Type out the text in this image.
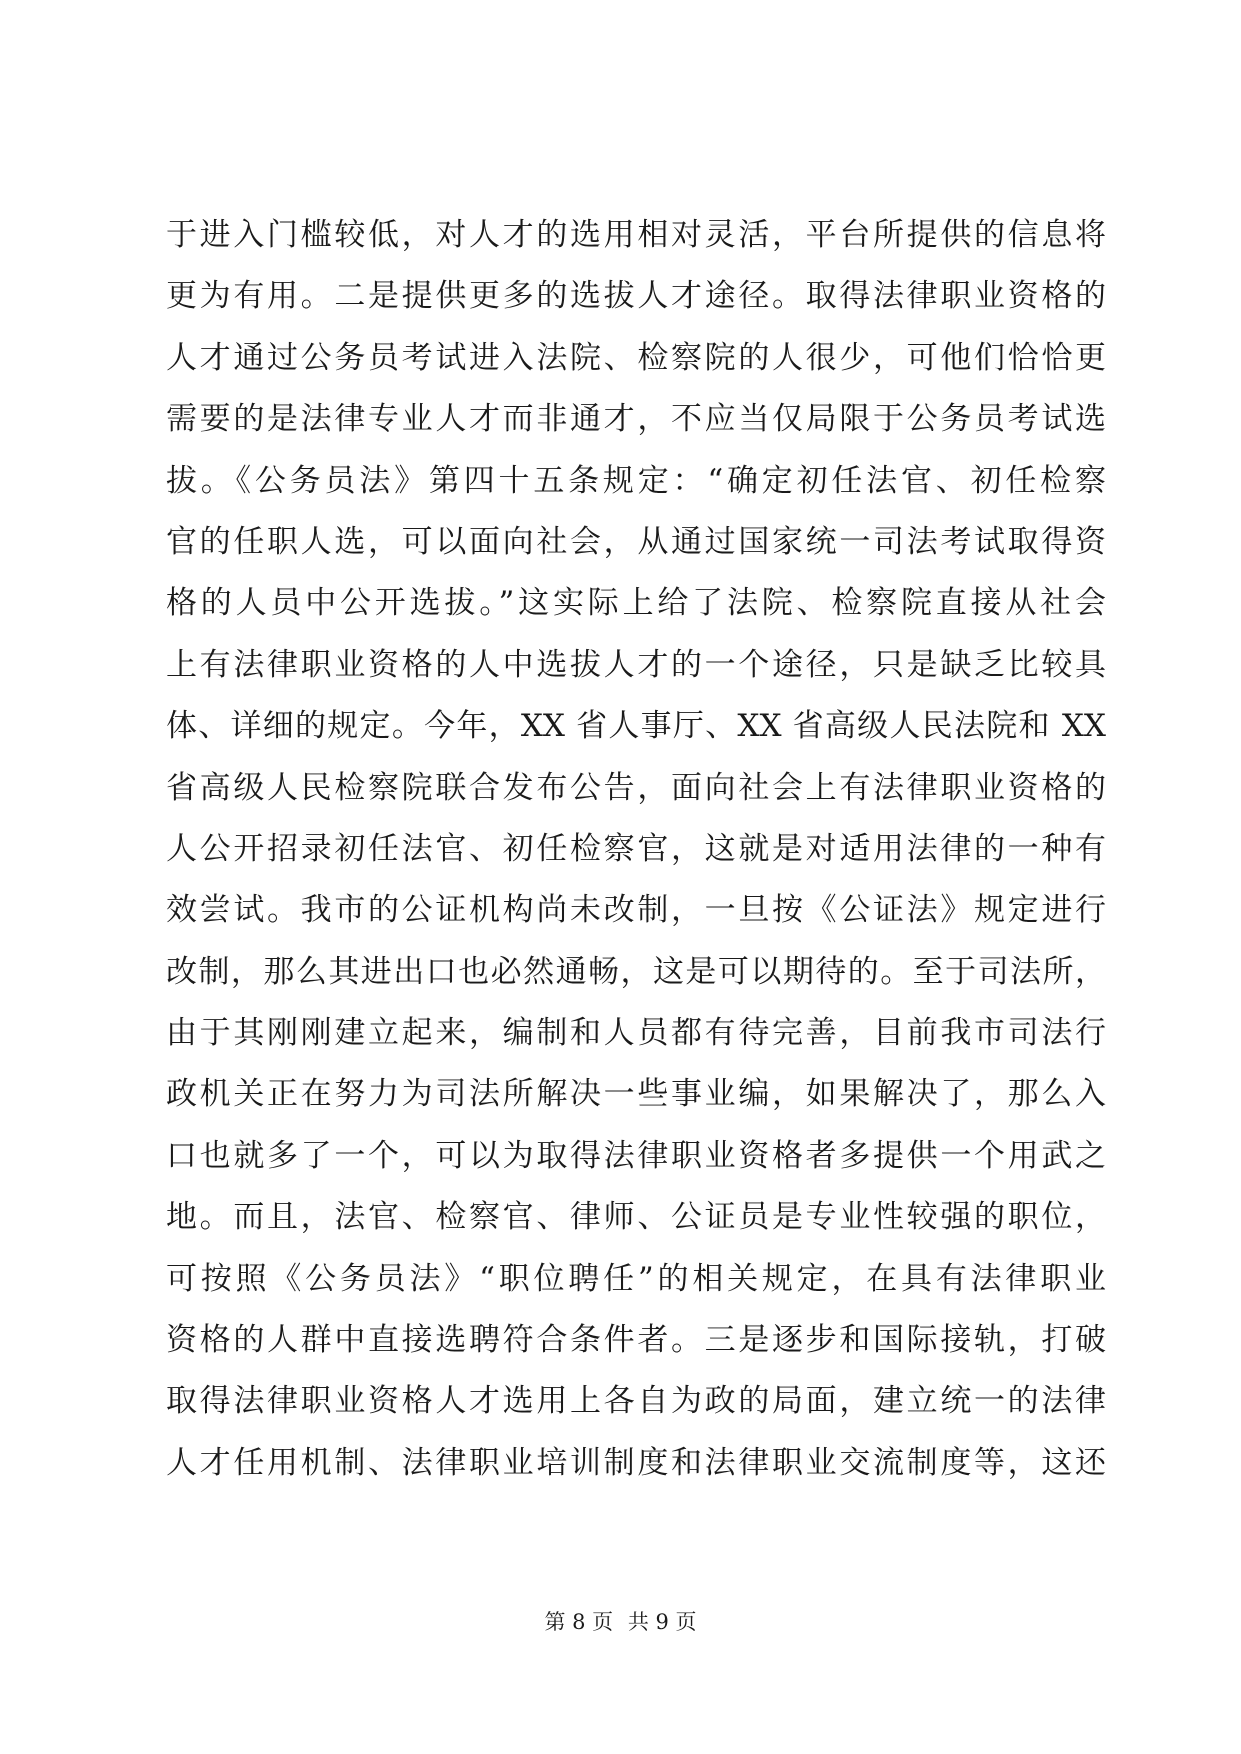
于进入门槛较低，对人才的选用相对灵活，平台所提供的信息将
更为有用。二是提供更多的选拔人才途径。取得法律职业资格的
人才通过公务员考试进入法院、检察院的人很少，可他们恰恰更
需要的是法律专业人才而非通才，不应当仅局限于公务员考试选
拔。《公务员法》第四十五条规定：“确定初任法官、初任检察
官的任职人选，可以面向社会，从通过国家统一司法考试取得资
格的人员中公开选拔。”这实际上给了法院、检察院直接从社会
上有法律职业资格的人中选拔人才的一个途径，只是缺乏比较具
体、详细的规定。今年，XX 省人事厅、XX 省高级人民法院和 XX
省高级人民检察院联合发布公告，面向社会上有法律职业资格的
人公开招录初任法官、初任检察官，这就是对适用法律的一种有
效尝试。我市的公证机构尚未改制，一旦按《公证法》规定进行
改制，那么其进出口也必然通畅，这是可以期待的。至于司法所，
由于其刚刚建立起来，编制和人员都有待完善，目前我市司法行
政机关正在努力为司法所解决一些事业编，如果解决了，那么入
口也就多了一个，可以为取得法律职业资格者多提供一个用武之
地。而且，法官、检察官、律师、公证员是专业性较强的职位，
可按照《公务员法》“职位聘任”的相关规定，在具有法律职业
资格的人群中直接选聘符合条件者。三是逐步和国际接轨，打破
取得法律职业资格人才选用上各自为政的局面，建立统一的法律
人才任用机制、法律职业培训制度和法律职业交流制度等，这还
第 8 页 共 9 页
